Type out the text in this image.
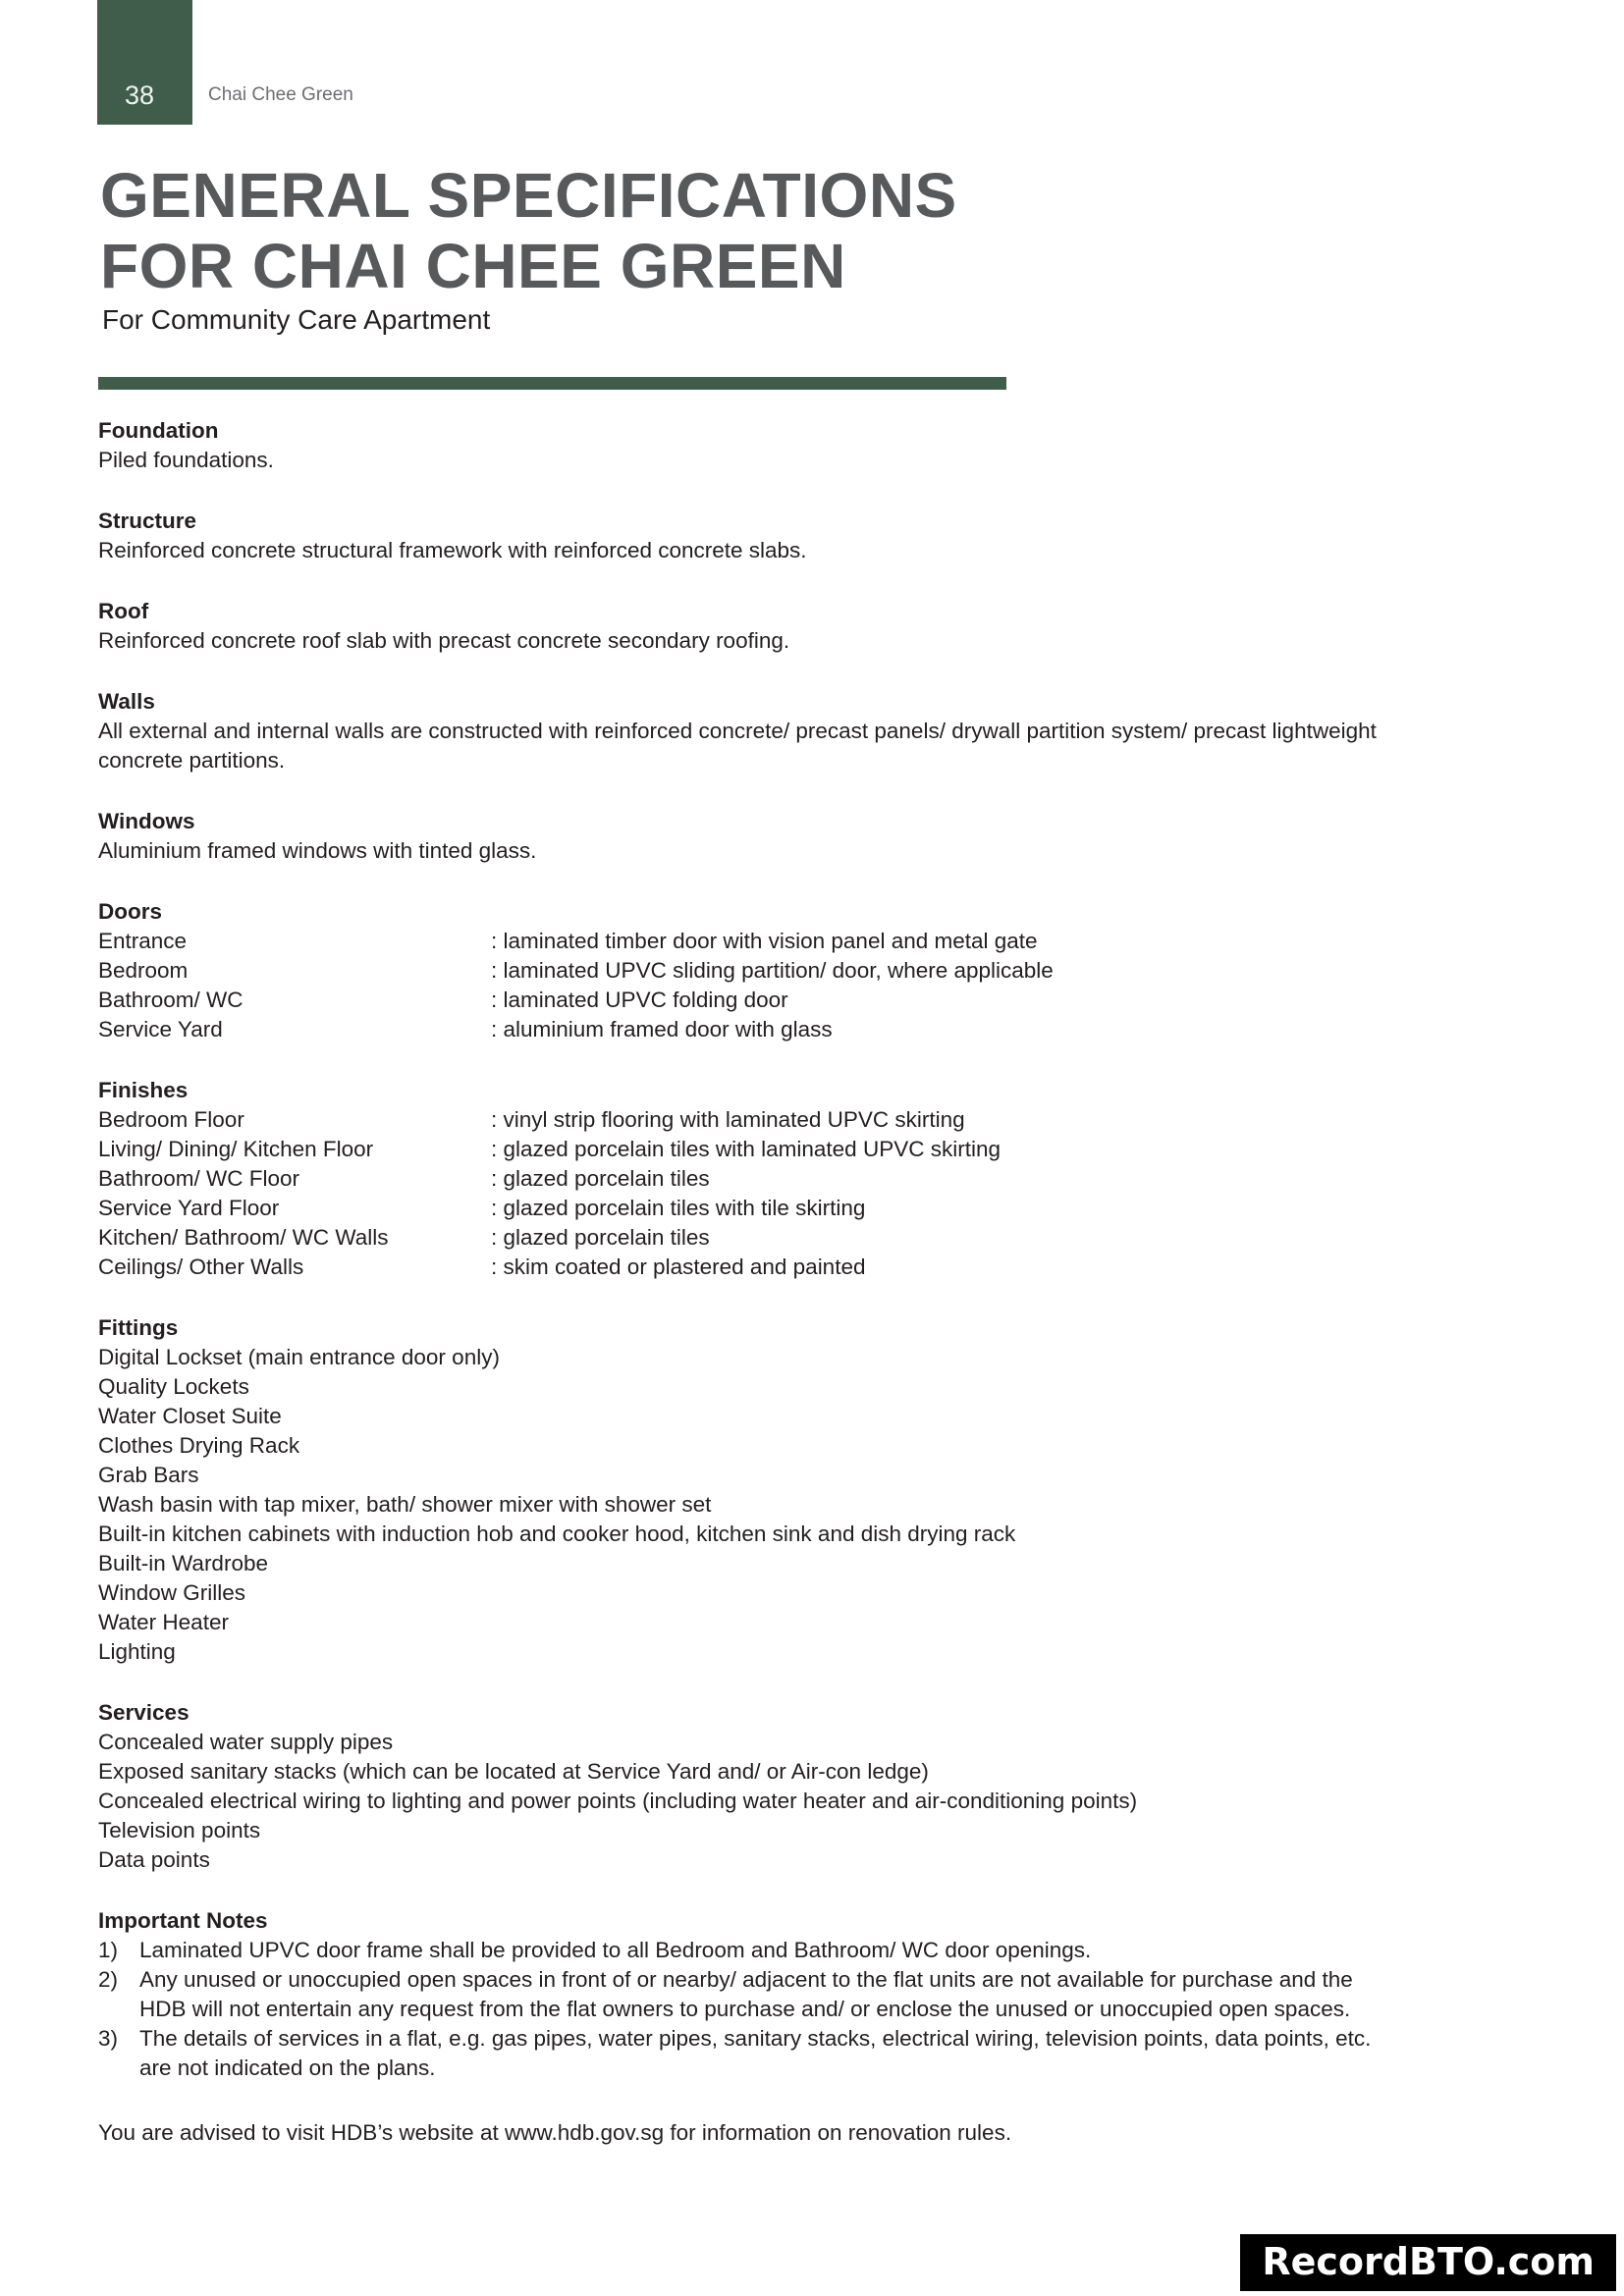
38	Chai Chee Green
GENERAL SPECIFICATIONS
FOR CHAI CHEE GREEN
For Community Care Apartment
Foundation
Piled foundations.
Structure
Reinforced concrete structural framework with reinforced concrete slabs.
Roof
Reinforced concrete roof slab with precast concrete secondary roofing.
Walls
All external and internal walls are constructed with reinforced concrete/ precast panels/ drywall partition system/ precast lightweight
concrete partitions.
Windows
Aluminium framed windows with tinted glass.
Doors
Entrance	: laminated timber door with vision panel and metal gate
Bedroom	: laminated UPVC sliding partition/ door, where applicable
Bathroom/ WC	: laminated UPVC folding door
Service Yard	: aluminium framed door with glass
Finishes
Bedroom Floor	: vinyl strip flooring with laminated UPVC skirting
Living/ Dining/ Kitchen Floor	: glazed porcelain tiles with laminated UPVC skirting
Bathroom/ WC Floor	: glazed porcelain tiles
Service Yard Floor	: glazed porcelain tiles with tile skirting
Kitchen/ Bathroom/ WC Walls	: glazed porcelain tiles
Ceilings/ Other Walls	: skim coated or plastered and painted
Fittings
Digital Lockset (main entrance door only)
Quality Lockets
Water Closet Suite
Clothes Drying Rack
Grab Bars
Wash basin with tap mixer, bath/ shower mixer with shower set
Built-in kitchen cabinets with induction hob and cooker hood, kitchen sink and dish drying rack
Built-in Wardrobe
Window Grilles
Water Heater
Lighting
Services
Concealed water supply pipes
Exposed sanitary stacks (which can be located at Service Yard and/ or Air-con ledge)
Concealed electrical wiring to lighting and power points (including water heater and air-conditioning points)
Television points
Data points
Important Notes
1) Laminated UPVC door frame shall be provided to all Bedroom and Bathroom/ WC door openings.
2) Any unused or unoccupied open spaces in front of or nearby/ adjacent to the flat units are not available for purchase and the
HDB will not entertain any request from the flat owners to purchase and/ or enclose the unused or unoccupied open spaces.
3) The details of services in a flat, e.g. gas pipes, water pipes, sanitary stacks, electrical wiring, television points, data points, etc.
are not indicated on the plans.
You are advised to visit HDB’s website at www.hdb.gov.sg for information on renovation rules.
RecordBTO.com
